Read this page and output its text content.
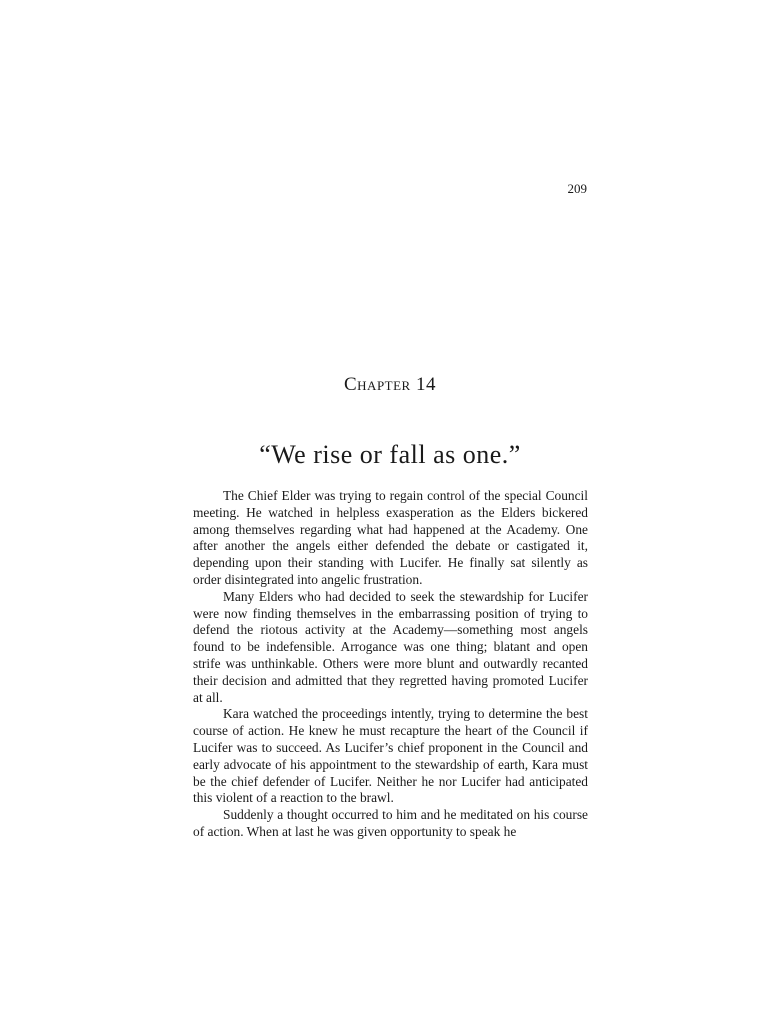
209
Chapter 14
“We rise or fall as one.”

The Chief Elder was trying to regain control of the special Council meeting. He watched in helpless exasperation as the Elders bickered among themselves regarding what had happened at the Academy. One after another the angels either defended the debate or castigated it, depending upon their standing with Lucifer. He finally sat silently as order disintegrated into angelic frustration.

Many Elders who had decided to seek the stewardship for Lucifer were now finding themselves in the embarrassing position of trying to defend the riotous activity at the Academy—something most angels found to be indefensible. Arrogance was one thing; blatant and open strife was unthinkable. Others were more blunt and outwardly recanted their decision and admitted that they regretted having promoted Lucifer at all.

Kara watched the proceedings intently, trying to determine the best course of action. He knew he must recapture the heart of the Council if Lucifer was to succeed. As Lucifer’s chief proponent in the Council and early advocate of his appointment to the stewardship of earth, Kara must be the chief defender of Lucifer. Neither he nor Lucifer had anticipated this violent of a reaction to the brawl.

Suddenly a thought occurred to him and he meditated on his course of action. When at last he was given opportunity to speak he
